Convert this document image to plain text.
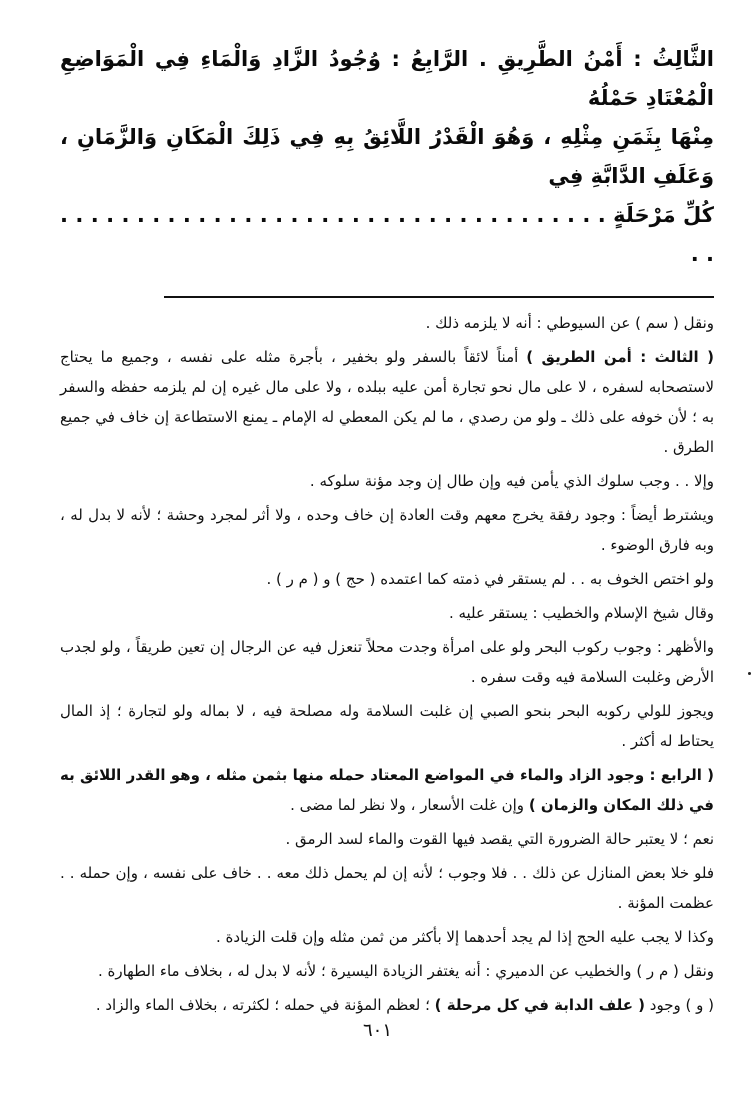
الثَّالِثُ : أَمْنُ الطَّرِيقِ . الرَّابِعُ : وُجُودُ الزَّادِ وَالْمَاءِ فِي الْمَوَاضِعِ الْمُعْتَادِ حَمْلُهُ

مِنْهَا بِثَمَنِ مِثْلِهِ ، وَهُوَ الْقَدْرُ اللَّائِقُ بِهِ فِي ذَلِكَ الْمَكَانِ وَالزَّمَانِ ، وَعَلَفِ الدَّابَّةِ فِي

كُلِّ مَرْحَلَةٍ . . . . . . . . . . . . . . . . . . . . . . . . . . . . . . . . . . . . . .

ونقل ( سم ) عن السيوطي : أنه لا يلزمه ذلك .

( الثالث : أمن الطريق ) أمناً لائقاً بالسفر ولو بخفير ، بأجرة مثله على نفسه ، وجميع ما يحتاج لاستصحابه لسفره ، لا على مال نحو تجارة أمن عليه ببلده ، ولا على مال غيره إن لم يلزمه حفظه والسفر به ؛ لأن خوفه على ذلك ـ ولو من رصدي ، ما لم يكن المعطي له الإمام ـ يمنع الاستطاعة إن خاف في جميع الطرق .

وإلا . . وجب سلوك الذي يأمن فيه وإن طال إن وجد مؤنة سلوكه .

ويشترط أيضاً : وجود رفقة يخرج معهم وقت العادة إن خاف وحده ، ولا أثر لمجرد وحشة ؛ لأنه لا بدل له ، وبه فارق الوضوء .

ولو اختص الخوف به . . لم يستقر في ذمته كما اعتمده ( حج ) و ( م ر ) .

وقال شيخ الإسلام والخطيب : يستقر عليه .

والأظهر : وجوب ركوب البحر ولو على امرأة وجدت محلاً تنعزل فيه عن الرجال إن تعين طريقاً ، ولو لجدب الأرض وغلبت السلامة فيه وقت سفره .

ويجوز للولي ركوبه البحر بنحو الصبي إن غلبت السلامة وله مصلحة فيه ، لا بماله ولو لتجارة ؛ إذ المال يحتاط له أكثر .

( الرابع : وجود الزاد والماء في المواضع المعتاد حمله منها بثمن مثله ، وهو القدر اللائق به في ذلك المكان والزمان ) وإن غلت الأسعار ، ولا نظر لما مضى .

نعم ؛ لا يعتبر حالة الضرورة التي يقصد فيها القوت والماء لسد الرمق .

فلو خلا بعض المنازل عن ذلك . . فلا وجوب ؛ لأنه إن لم يحمل ذلك معه . . خاف على نفسه ، وإن حمله . . عظمت المؤنة .

وكذا لا يجب عليه الحج إذا لم يجد أحدهما إلا بأكثر من ثمن مثله وإن قلت الزيادة .

ونقل ( م ر ) والخطيب عن الدميري : أنه يغتفر الزيادة اليسيرة ؛ لأنه لا بدل له ، بخلاف ماء الطهارة .

( و ) وجود ( علف الدابة في كل مرحلة ) ؛ لعظم المؤنة في حمله ؛ لكثرته ، بخلاف الماء والزاد .

٦٠١
